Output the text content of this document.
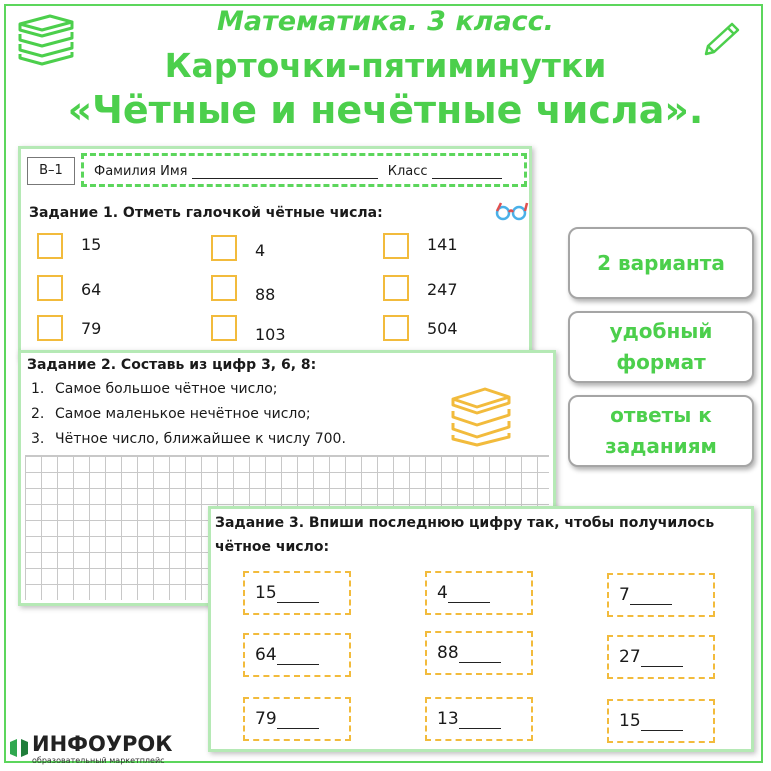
Математика. 3 класс.
Карточки-пятиминутки
«Чётные и нечётные числа».
В–1	Фамилия Имя	Класс
Задание 1. Отметь галочкой чётные числа:
15	4	141
64	88	247
79	103	504
Задание 2. Составь из цифр 3, 6, 8:
1. Самое большое чётное число;
2. Самое маленькое нечётное число;
3. Чётное число, ближайшее к числу 700.
Задание 3. Впиши последнюю цифру так, чтобы получилось
чётное число:
15	4	7
64	88	27
79	13	15
2 варианта
удобный формат
ответы к заданиям
ИНФОУРОК
образовательный маркетплейс
